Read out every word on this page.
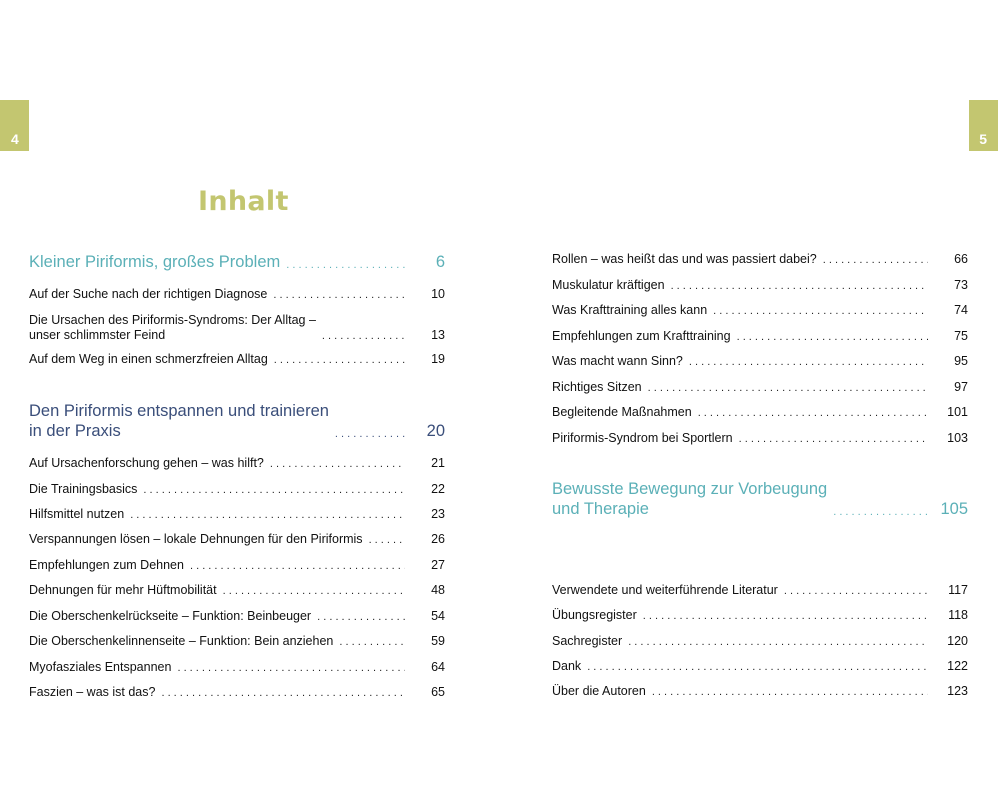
4	5
Inhalt
Kleiner Piriformis, großes Problem . . .	6
Auf der Suche nach der richtigen Diagnose . . .	10
Die Ursachen des Piriformis-Syndroms: Der Alltag –
unser schlimmster Feind . . .	13
Auf dem Weg in einen schmerzfreien Alltag . . .	19
Den Piriformis entspannen und trainieren
in der Praxis . . .	20
Auf Ursachenforschung gehen – was hilft? . . .	21
Die Trainingsbasics . . .	22
Hilfsmittel nutzen . . .	23
Verspannungen lösen – lokale Dehnungen für den Piriformis . . .	26
Empfehlungen zum Dehnen . . .	27
Dehnungen für mehr Hüftmobilität . . .	48
Die Oberschenkelrückseite – Funktion: Beinbeuger . . .	54
Die Oberschenkelinnenseite – Funktion: Bein anziehen . . .	59
Myofasziales Entspannen . . .	64
Faszien – was ist das? . . .	65
Rollen – was heißt das und was passiert dabei? . . .	66
Muskulatur kräftigen . . .	73
Was Krafttraining alles kann . . .	74
Empfehlungen zum Krafttraining . . .	75
Was macht wann Sinn? . . .	95
Richtiges Sitzen . . .	97
Begleitende Maßnahmen . . .	101
Piriformis-Syndrom bei Sportlern . . .	103
Bewusste Bewegung zur Vorbeugung
und Therapie . . .	105
Verwendete und weiterführende Literatur . . .	117
Übungsregister . . .	118
Sachregister . . .	120
Dank . . .	122
Über die Autoren . . .	123
